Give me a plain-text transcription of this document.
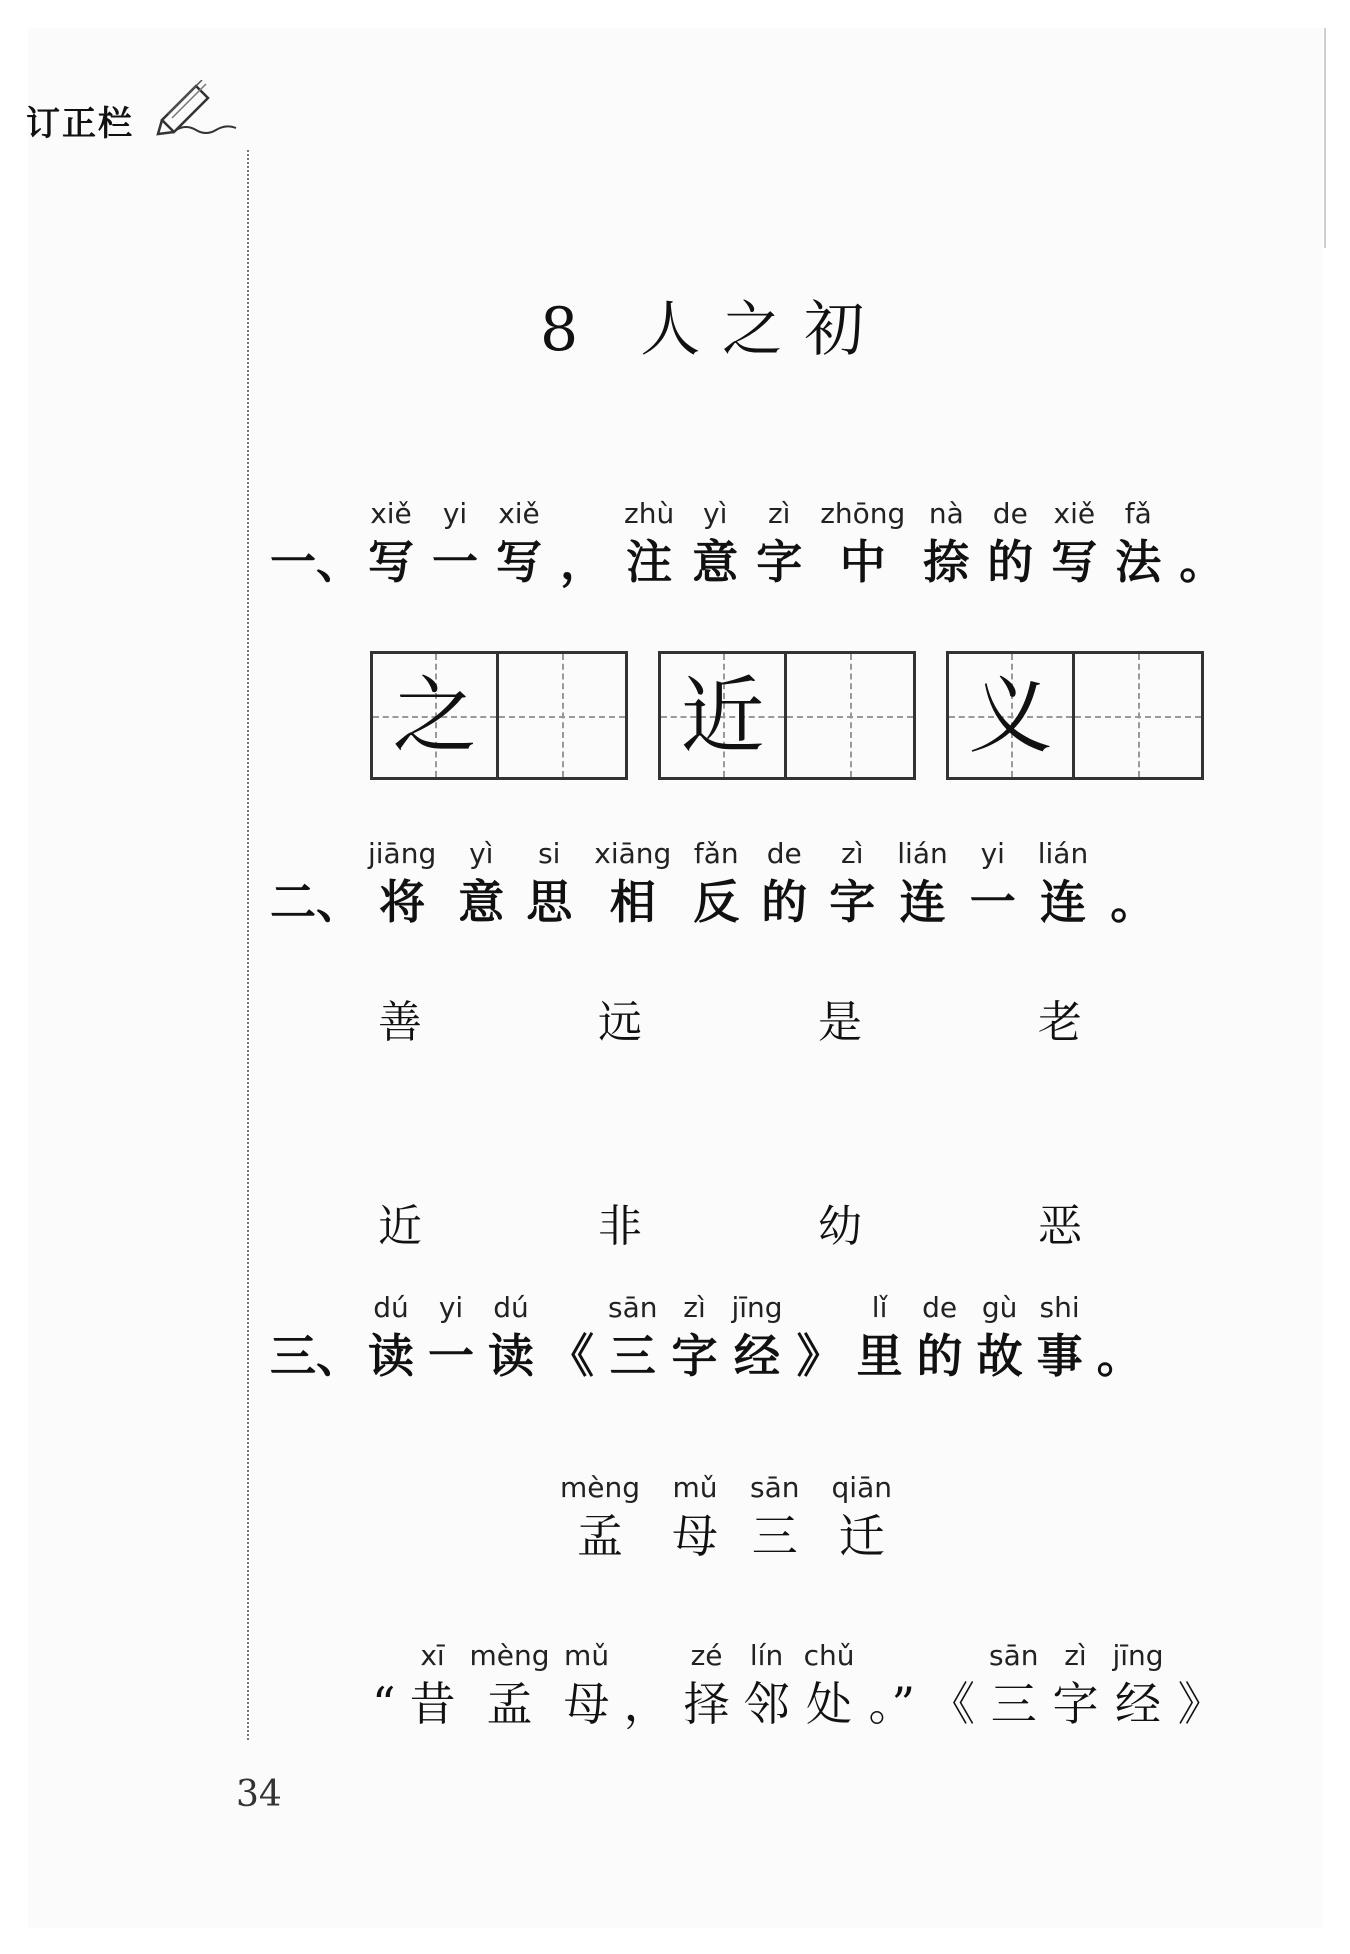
订正栏
8 人之初
一、
xiě
写
yi
一
xiě
写 ，
zhù
注
yì
意
zì
字
zhōng
中
nà
捺
de
的
xiě
写
fǎ
法 。
之 近 义
二、
jiāng
将
yì
意
si
思
xiāng
相
fǎn
反
de
的
zì
字
lián
连
yi
一
lián
连 。
善	远	是	老
近	非	幼	恶
三、
dú
读
yi
一
dú
读 《
sān
三
zì
字
jīng
经 》
lǐ
里
de
的
gù
故
shi
事 。
mèng
孟
mǔ
母
sān
三
qiān
迁
“
xī
昔
mèng
孟
mǔ
母 ，
zé
择
lín
邻
chǔ
处 。” 《
sān
三
zì
字
jīng
经 》
34
